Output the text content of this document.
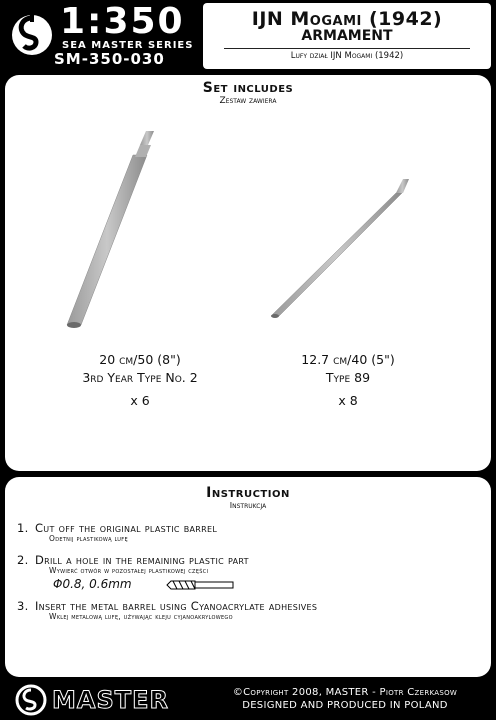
1:350
SEA MASTER SERIES
SM-350-030
IJN Mogami (1942)
ARMAMENT
Lufy dział IJN Mogami (1942)
Set includes
Zestaw zawiera
20 cm/50 (8")
3rd Year Type No. 2
x 6
12.7 cm/40 (5")
Type 89
x 8
Instruction
Instrukcja
1. Cut off the original plastic barrel
Odetnij plastikową lufę
2. Drill a hole in the remaining plastic part
Wywierć otwór w pozostałej plastikowej części
Φ0.8, 0.6mm
3. Insert the metal barrel using Cyanoacrylate adhesives
Wklej metalową lufę, używając kleju cyjanoakrylowego
MASTER	©Copyright 2008, MASTER - Piotr Czerkasow
DESIGNED AND PRODUCED IN POLAND
